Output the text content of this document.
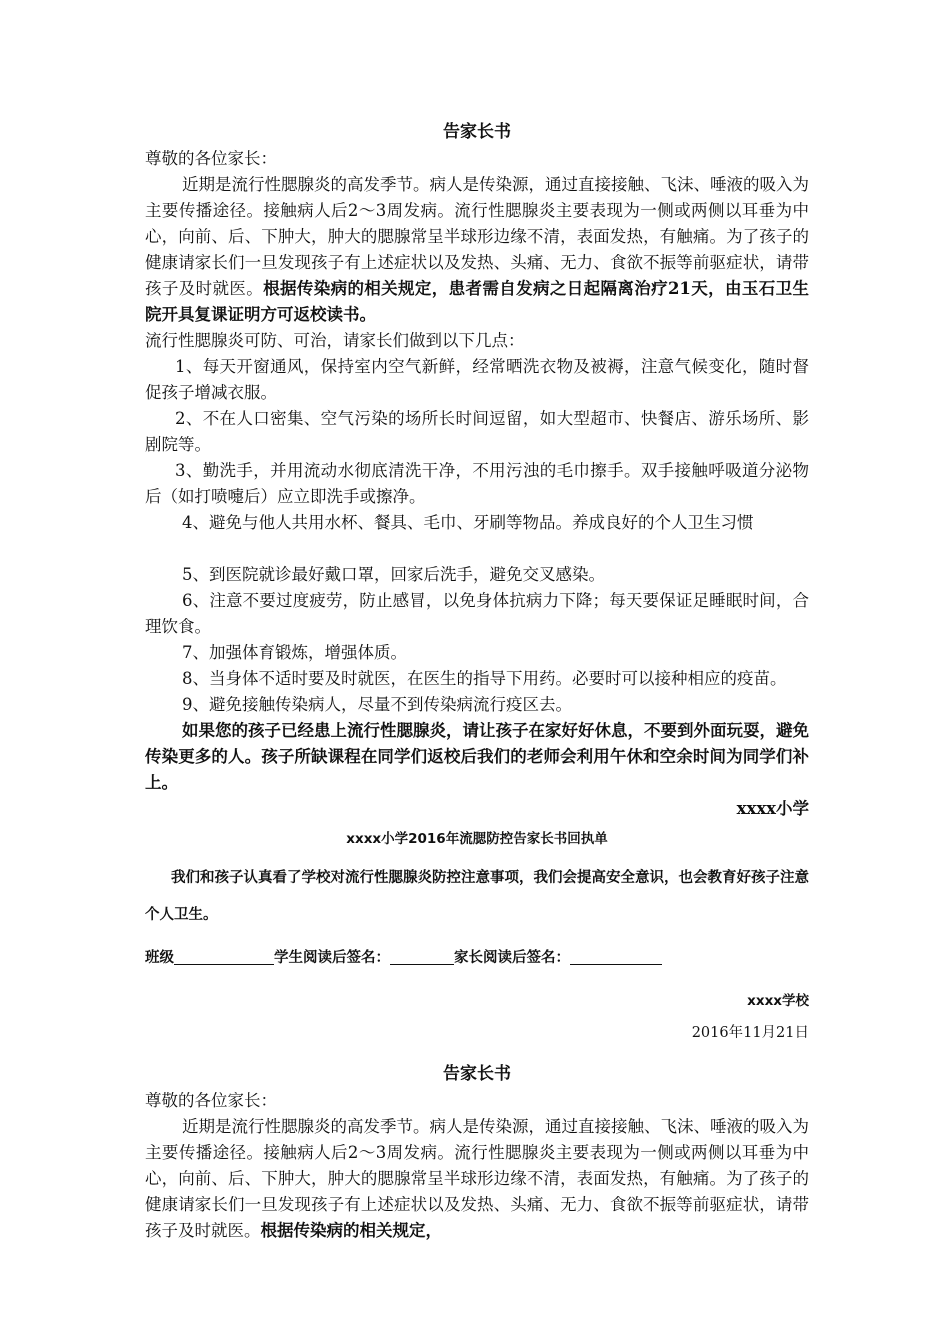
告家长书

尊敬的各位家长：

近期是流行性腮腺炎的高发季节。病人是传染源，通过直接接触、飞沫、唾液的吸入为主要传播途径。接触病人后2～3周发病。流行性腮腺炎主要表现为一侧或两侧以耳垂为中心，向前、后、下肿大，肿大的腮腺常呈半球形边缘不清，表面发热，有触痛。为了孩子的健康请家长们一旦发现孩子有上述症状以及发热、头痛、无力、食欲不振等前驱症状，请带孩子及时就医。根据传染病的相关规定，患者需自发病之日起隔离治疗21天，由玉石卫生院开具复课证明方可返校读书。

流行性腮腺炎可防、可治，请家长们做到以下几点：

1、每天开窗通风，保持室内空气新鲜，经常晒洗衣物及被褥，注意气候变化，随时督促孩子增减衣服。

2、不在人口密集、空气污染的场所长时间逗留，如大型超市、快餐店、游乐场所、影剧院等。

3、勤洗手，并用流动水彻底清洗干净，不用污浊的毛巾擦手。双手接触呼吸道分泌物后（如打喷嚏后）应立即洗手或擦净。

4、避免与他人共用水杯、餐具、毛巾、牙刷等物品。养成良好的个人卫生习惯

5、到医院就诊最好戴口罩，回家后洗手，避免交叉感染。

6、注意不要过度疲劳，防止感冒，以免身体抗病力下降；每天要保证足睡眠时间，合理饮食。

7、加强体育锻炼，增强体质。

8、当身体不适时要及时就医，在医生的指导下用药。必要时可以接种相应的疫苗。

9、避免接触传染病人，尽量不到传染病流行疫区去。

如果您的孩子已经患上流行性腮腺炎，请让孩子在家好好休息，不要到外面玩耍，避免传染更多的人。孩子所缺课程在同学们返校后我们的老师会利用午休和空余时间为同学们补上。

xxxx小学

xxxx小学2016年流腮防控告家长书回执单

我们和孩子认真看了学校对流行性腮腺炎防控注意事项，我们会提高安全意识，也会教育好孩子注意个人卫生。

班级	学生阅读后签名：	家长阅读后签名：
xxxx学校
2016年11月21日
告家长书

尊敬的各位家长：

近期是流行性腮腺炎的高发季节。病人是传染源，通过直接接触、飞沫、唾液的吸入为主要传播途径。接触病人后2～3周发病。流行性腮腺炎主要表现为一侧或两侧以耳垂为中心，向前、后、下肿大，肿大的腮腺常呈半球形边缘不清，表面发热，有触痛。为了孩子的健康请家长们一旦发现孩子有上述症状以及发热、头痛、无力、食欲不振等前驱症状，请带孩子及时就医。根据传染病的相关规定，
